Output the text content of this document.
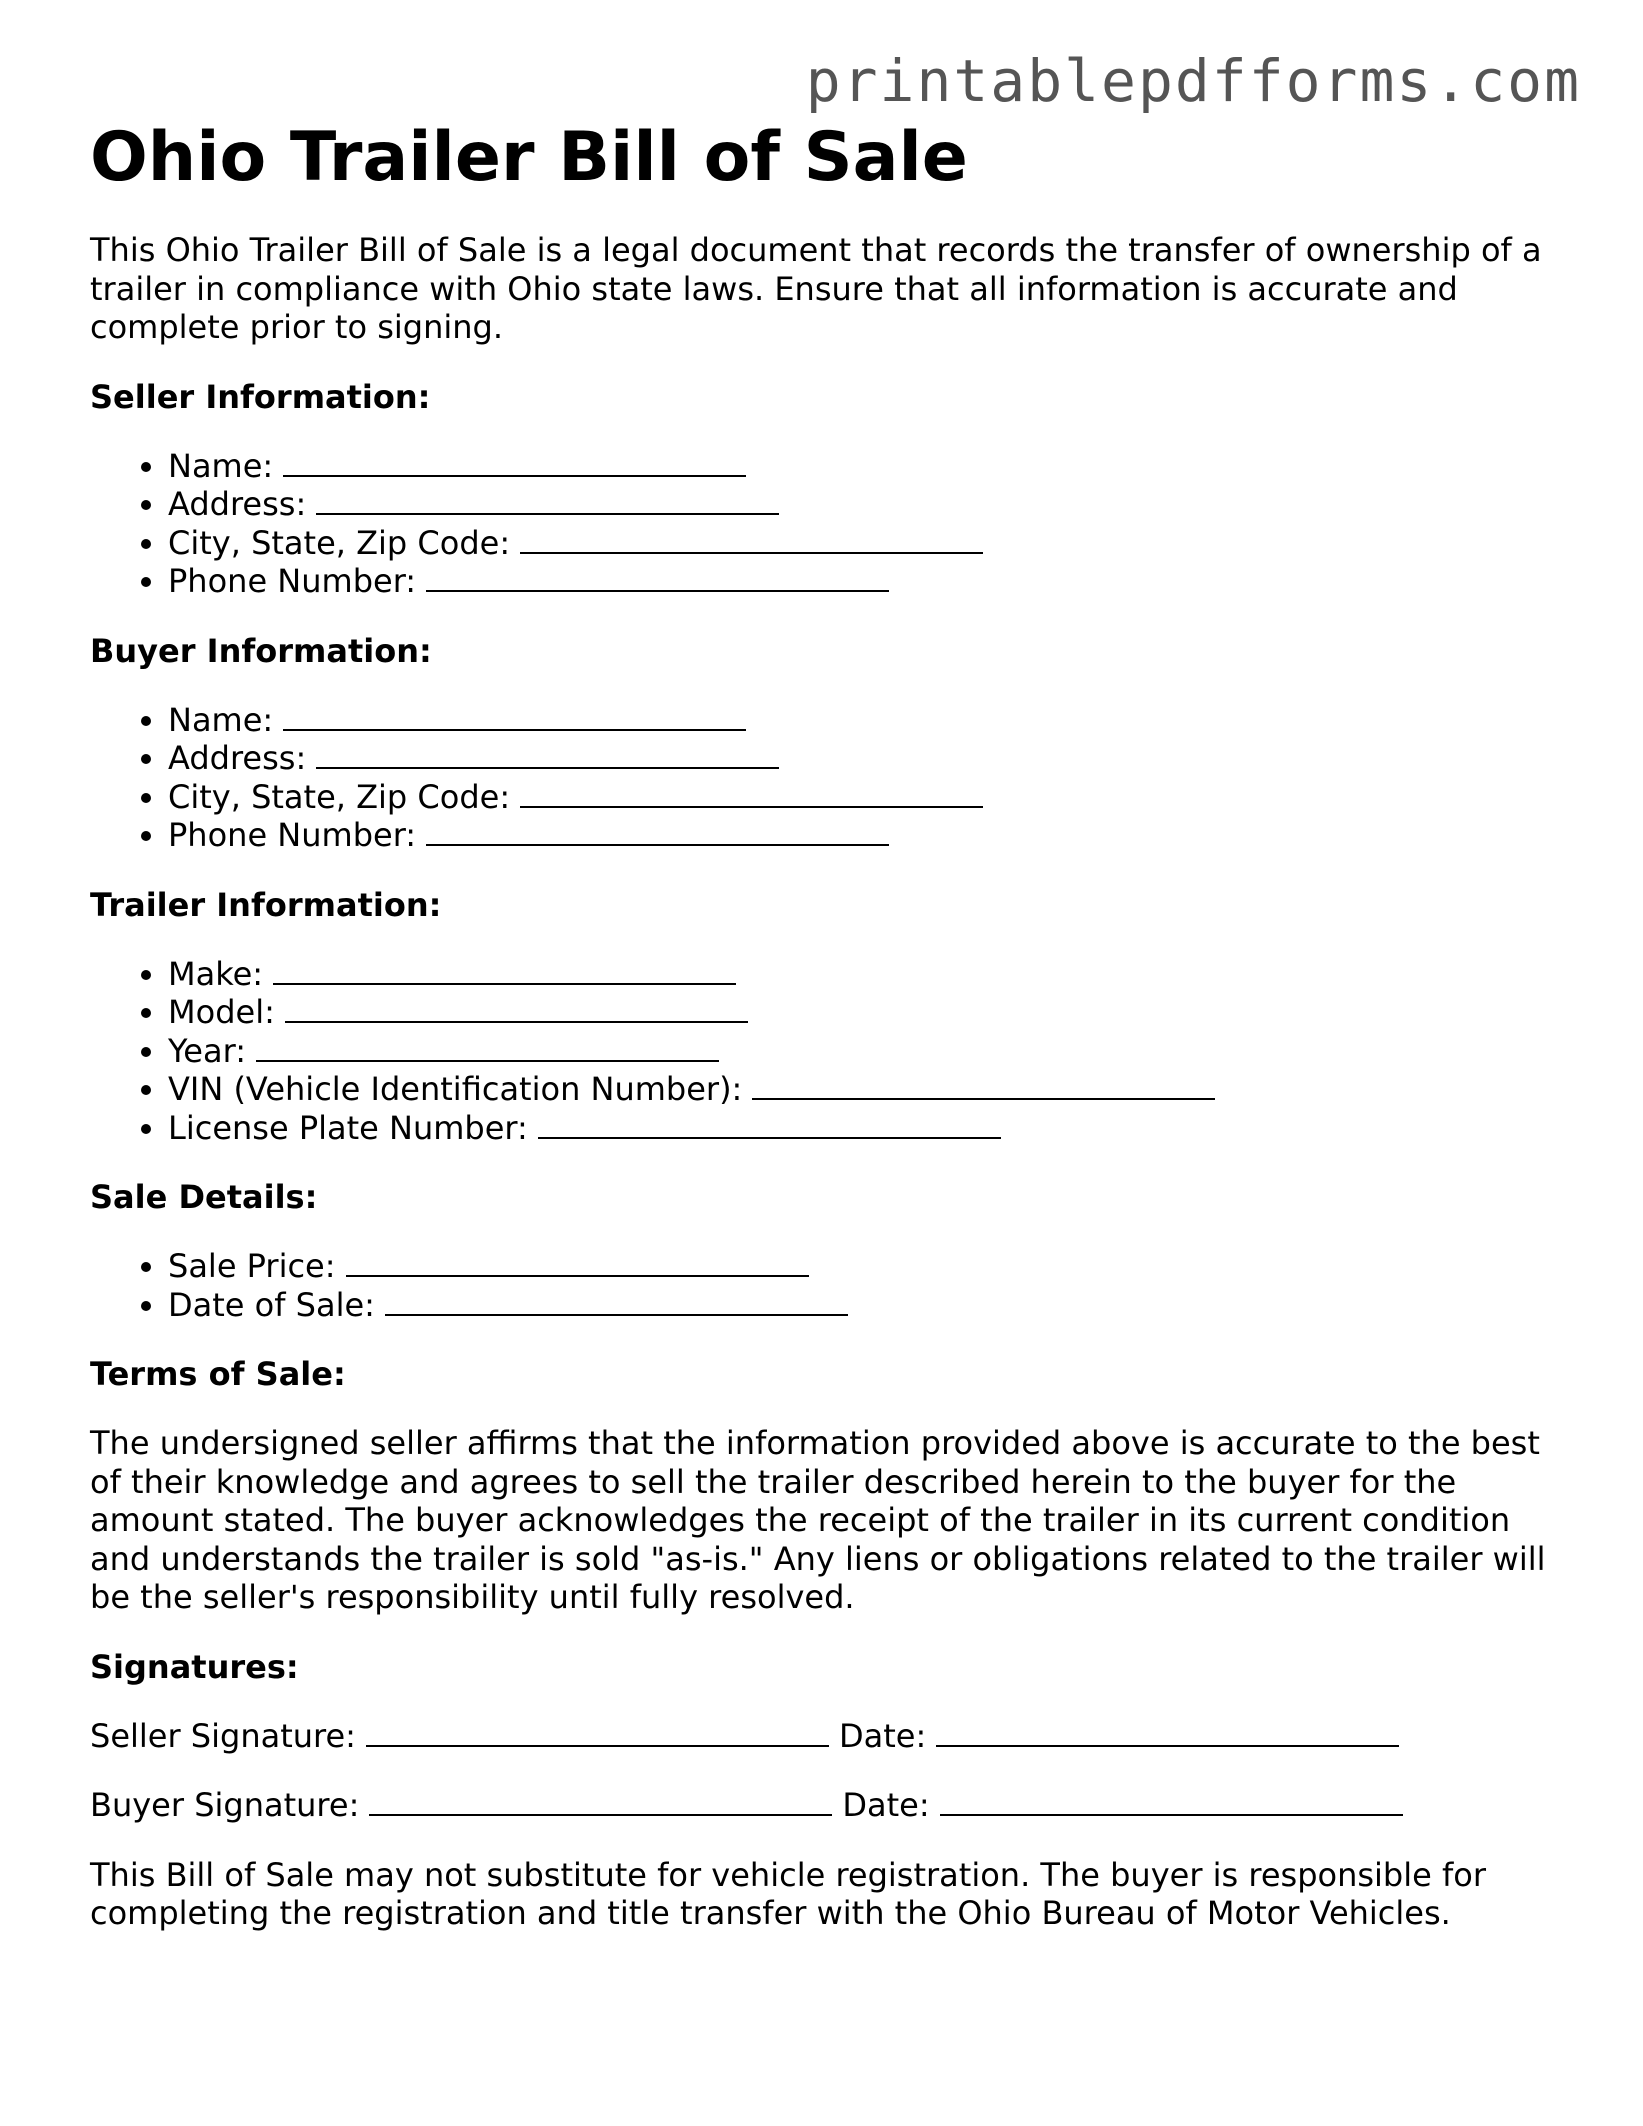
printablepdfforms.com
Ohio Trailer Bill of Sale

This Ohio Trailer Bill of Sale is a legal document that records the transfer of ownership of a trailer in compliance with Ohio state laws. Ensure that all information is accurate and complete prior to signing.

Seller Information:
• Name:
• Address:
• City, State, Zip Code:
• Phone Number:
Buyer Information:
• Name:
• Address:
• City, State, Zip Code:
• Phone Number:
Trailer Information:
• Make:
• Model:
• Year:
• VIN (Vehicle Identification Number):
• License Plate Number:
Sale Details:
• Sale Price:
• Date of Sale:
Terms of Sale:

The undersigned seller affirms that the information provided above is accurate to the best of their knowledge and agrees to sell the trailer described herein to the buyer for the amount stated. The buyer acknowledges the receipt of the trailer in its current condition and understands the trailer is sold "as-is." Any liens or obligations related to the trailer will be the seller's responsibility until fully resolved.

Signatures:
Seller Signature:	Date:
Buyer Signature:	Date:

This Bill of Sale may not substitute for vehicle registration. The buyer is responsible for completing the registration and title transfer with the Ohio Bureau of Motor Vehicles.
